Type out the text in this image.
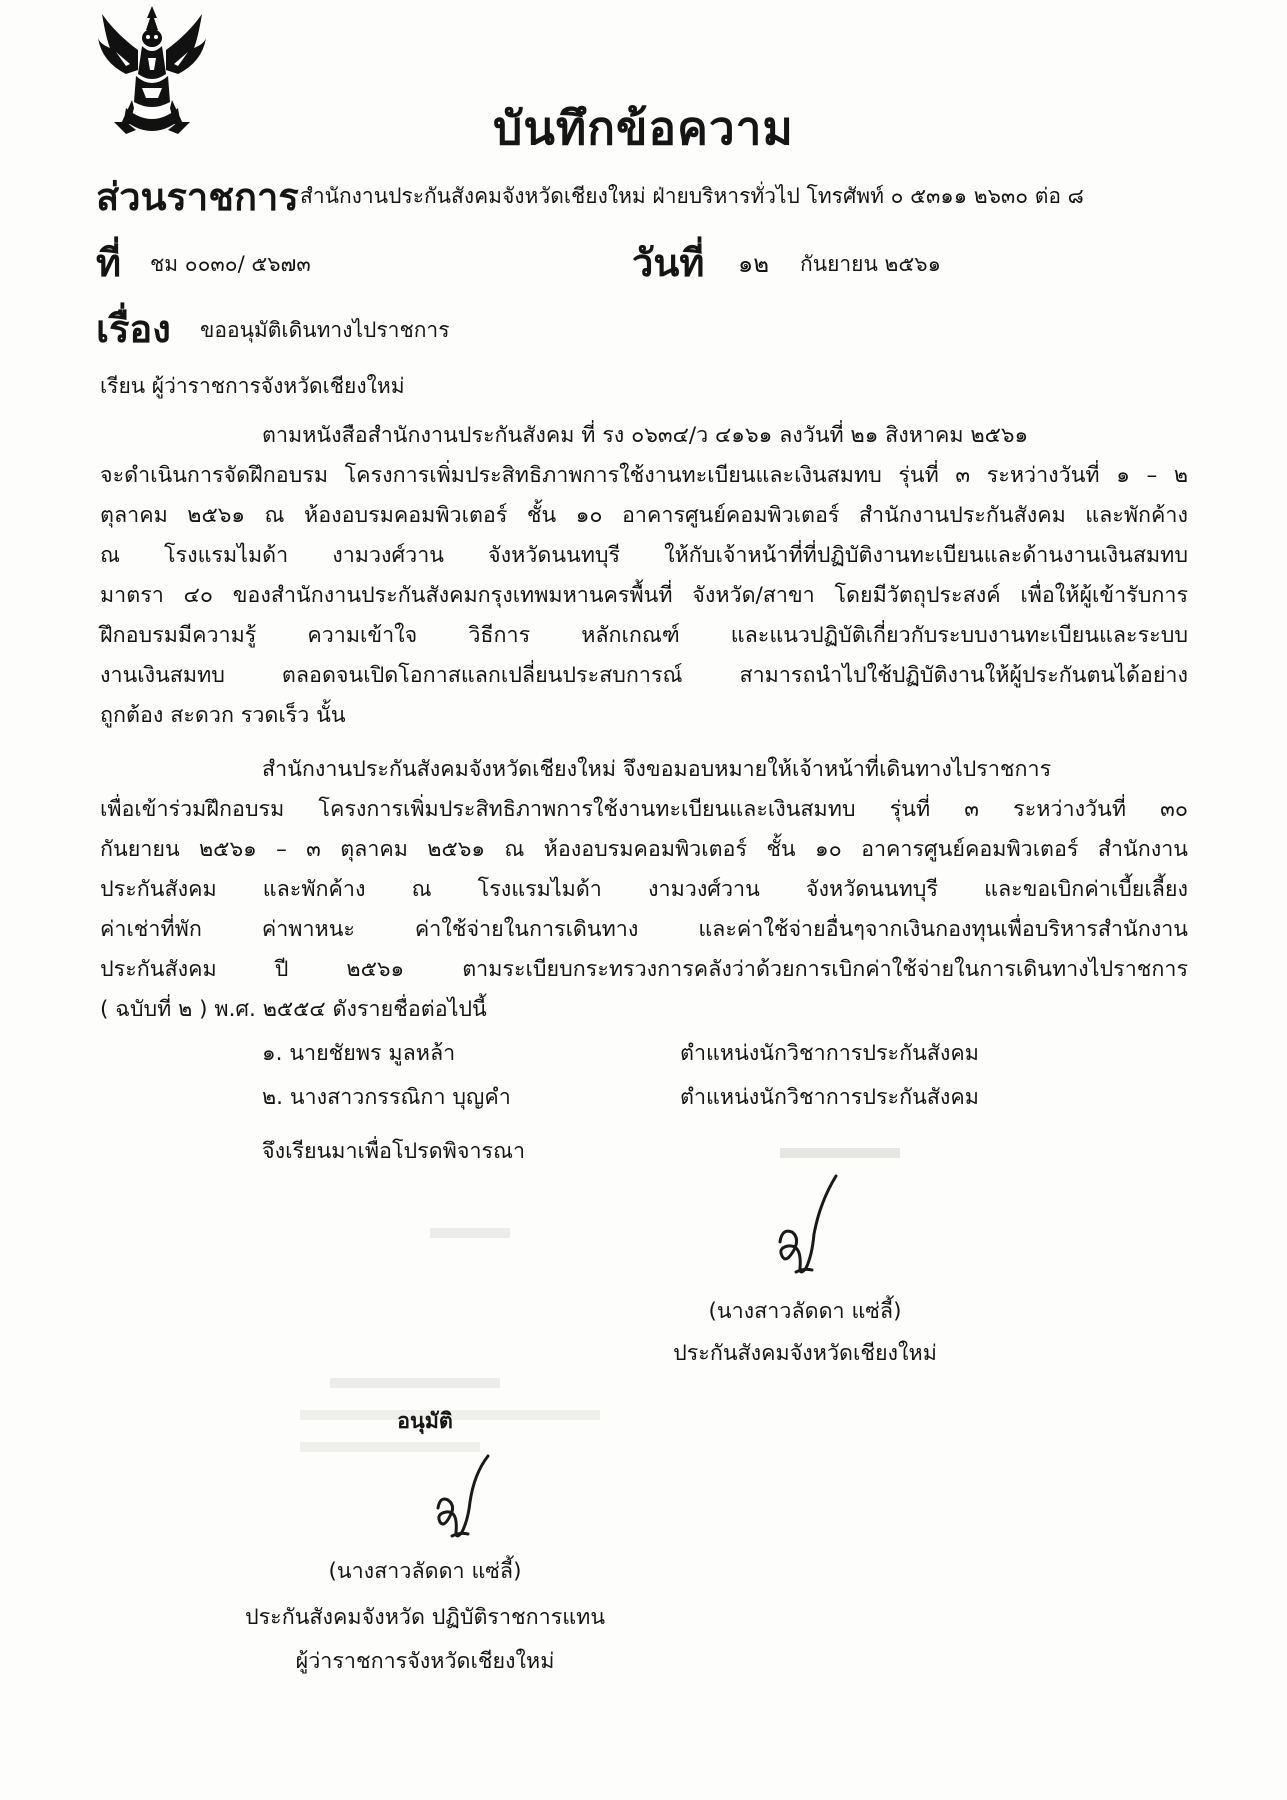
บันทึกข้อความ
ส่วนราชการ สำนักงานประกันสังคมจังหวัดเชียงใหม่ ฝ่ายบริหารทั่วไป โทรศัพท์ ๐ ๕๓๑๑ ๒๖๓๐ ต่อ ๘
ที่ ชม ๐๐๓๐/ ๕๖๗๓	วันที่ ๑๒ กันยายน ๒๕๖๑
เรื่อง ขออนุมัติเดินทางไปราชการ
เรียน ผู้ว่าราชการจังหวัดเชียงใหม่
ตามหนังสือสำนักงานประกันสังคม ที่ รง ๐๖๓๔/ว ๔๑๖๑ ลงวันที่ ๒๑ สิงหาคม ๒๕๖๑
จะดำเนินการจัดฝึกอบรม โครงการเพิ่มประสิทธิภาพการใช้งานทะเบียนและเงินสมทบ รุ่นที่ ๓ ระหว่างวันที่ ๑ – ๒
ตุลาคม ๒๕๖๑ ณ ห้องอบรมคอมพิวเตอร์ ชั้น ๑๐ อาคารศูนย์คอมพิวเตอร์ สำนักงานประกันสังคม และพักค้าง
ณ โรงแรมไมด้า งามวงศ์วาน จังหวัดนนทบุรี ให้กับเจ้าหน้าที่ที่ปฏิบัติงานทะเบียนและด้านงานเงินสมทบ
มาตรา ๔๐ ของสำนักงานประกันสังคมกรุงเทพมหานครพื้นที่ จังหวัด/สาขา โดยมีวัตถุประสงค์ เพื่อให้ผู้เข้ารับการ
ฝึกอบรมมีความรู้ ความเข้าใจ วิธีการ หลักเกณฑ์ และแนวปฏิบัติเกี่ยวกับระบบงานทะเบียนและระบบ
งานเงินสมทบ ตลอดจนเปิดโอกาสแลกเปลี่ยนประสบการณ์ สามารถนำไปใช้ปฏิบัติงานให้ผู้ประกันตนได้อย่าง
ถูกต้อง สะดวก รวดเร็ว นั้น
สำนักงานประกันสังคมจังหวัดเชียงใหม่ จึงขอมอบหมายให้เจ้าหน้าที่เดินทางไปราชการ
เพื่อเข้าร่วมฝึกอบรม โครงการเพิ่มประสิทธิภาพการใช้งานทะเบียนและเงินสมทบ รุ่นที่ ๓ ระหว่างวันที่ ๓๐
กันยายน ๒๕๖๑ – ๓ ตุลาคม ๒๕๖๑ ณ ห้องอบรมคอมพิวเตอร์ ชั้น ๑๐ อาคารศูนย์คอมพิวเตอร์ สำนักงาน
ประกันสังคม และพักค้าง ณ โรงแรมไมด้า งามวงศ์วาน จังหวัดนนทบุรี และขอเบิกค่าเบี้ยเลี้ยง
ค่าเช่าที่พัก ค่าพาหนะ ค่าใช้จ่ายในการเดินทาง และค่าใช้จ่ายอื่นๆจากเงินกองทุนเพื่อบริหารสำนักงาน
ประกันสังคม ปี ๒๕๖๑ ตามระเบียบกระทรวงการคลังว่าด้วยการเบิกค่าใช้จ่ายในการเดินทางไปราชการ
( ฉบับที่ ๒ ) พ.ศ. ๒๕๕๔ ดังรายชื่อต่อไปนี้
๑. นายชัยพร มูลหล้า	ตำแหน่งนักวิชาการประกันสังคม
๒. นางสาวกรรณิกา บุญคำ	ตำแหน่งนักวิชาการประกันสังคม
จึงเรียนมาเพื่อโปรดพิจารณา
(นางสาวลัดดา แซ่ลี้)
ประกันสังคมจังหวัดเชียงใหม่
อนุมัติ
(นางสาวลัดดา แซ่ลี้)
ประกันสังคมจังหวัด ปฏิบัติราชการแทน
ผู้ว่าราชการจังหวัดเชียงใหม่
